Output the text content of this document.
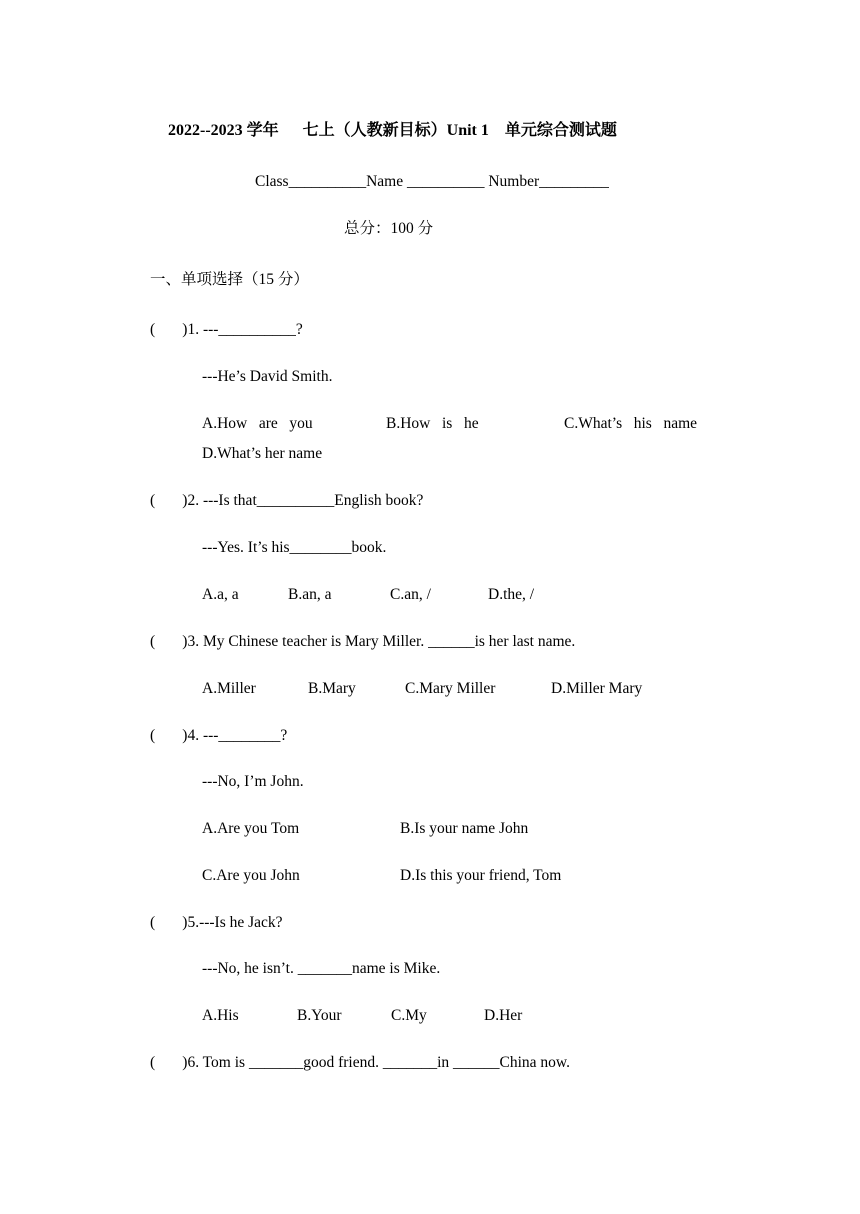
2022--2023 学年      七上（人教新目标）Unit 1    单元综合测试题
Class__________Name __________ Number_________
总分：100 分
一、单项选择（15 分）
(       )1. ---__________?
---He’s David Smith.
A.How   are   you	B.How   is   he	C.What’s   his   name
D.What’s her name
(       )2. ---Is that__________English book?
---Yes. It’s his________book.
A.a, a	B.an, a	C.an, /	D.the, /
(       )3. My Chinese teacher is Mary Miller. ______is her last name.
A.Miller	B.Mary	C.Mary Miller	D.Miller Mary
(       )4. ---________?
---No, I’m John.
A.Are you Tom	B.Is your name John
C.Are you John	D.Is this your friend, Tom
(       )5.---Is he Jack?
---No, he isn’t. _______name is Mike.
A.His	B.Your	C.My	D.Her
(       )6. Tom is _______good friend. _______in ______China now.
